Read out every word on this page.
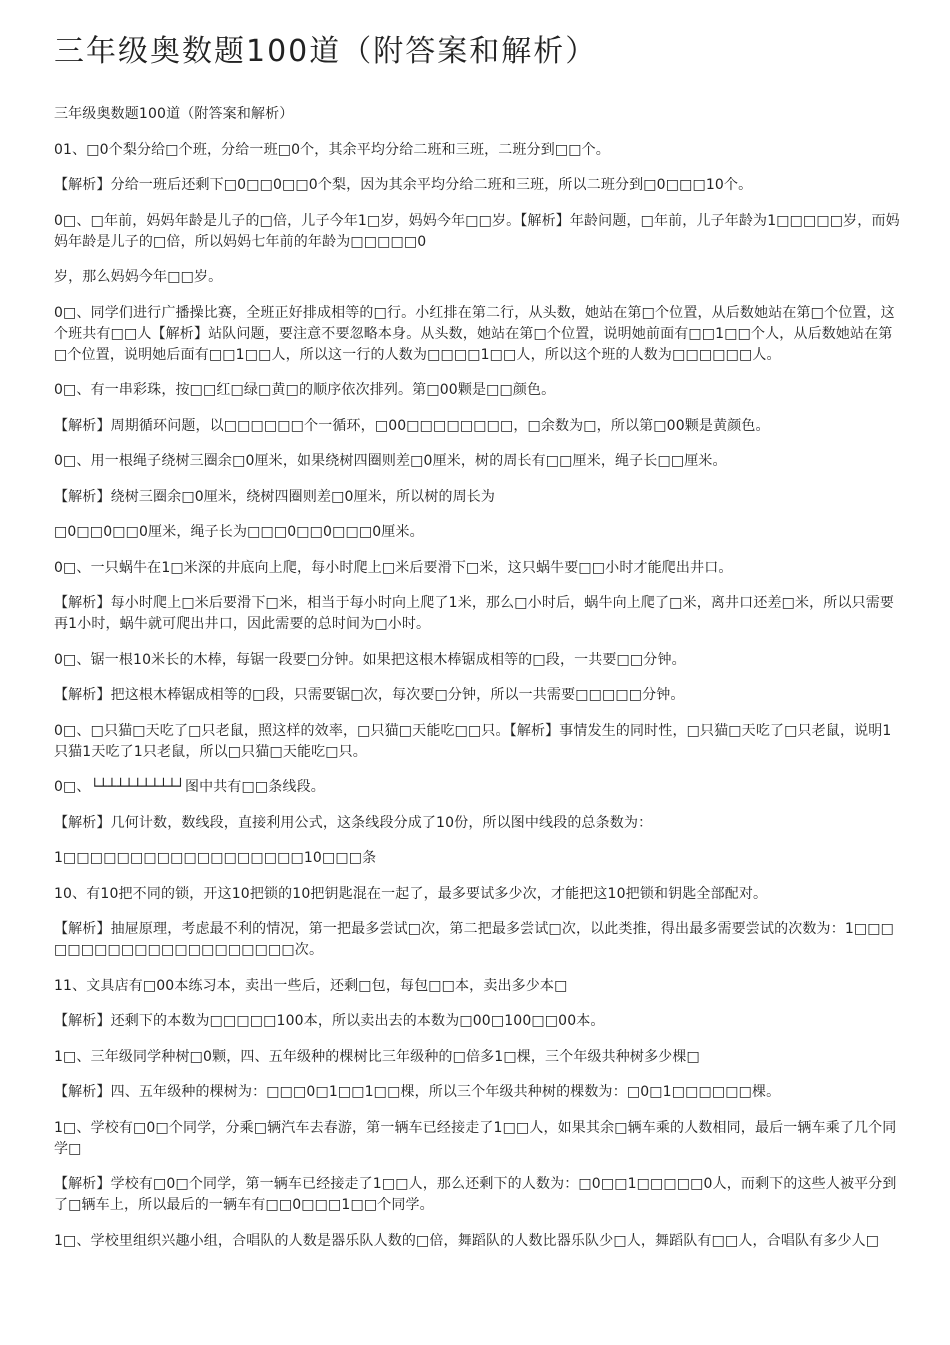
三年级奥数题100道（附答案和解析）
三年级奥数题100道（附答案和解析）
01、□0个梨分给□个班，分给一班□0个，其余平均分给二班和三班，二班分到□□个。
【解析】分给一班后还剩下□0□□0□□0个梨，因为其余平均分给二班和三班，所以二班分到□0□□□10个。
0□、□年前，妈妈年龄是儿子的□倍，儿子今年1□岁，妈妈今年□□岁。【解析】年龄问题，□年前，儿子年龄为1□□□□□岁，而妈妈年龄是儿子的□倍，所以妈妈七年前的年龄为□□□□□0
岁，那么妈妈今年□□岁。
0□、同学们进行广播操比赛，全班正好排成相等的□行。小红排在第二行，从头数，她站在第□个位置，从后数她站在第□个位置，这个班共有□□人【解析】站队问题，要注意不要忽略本身。从头数，她站在第□个位置，说明她前面有□□1□□个人，从后数她站在第□个位置，说明她后面有□□1□□人，所以这一行的人数为□□□□1□□人，所以这个班的人数为□□□□□□人。
0□、有一串彩珠，按□□红□绿□黄□的顺序依次排列。第□00颗是□□颜色。
【解析】周期循环问题，以□□□□□□个一循环，□00□□□□□□□□，□余数为□，所以第□00颗是黄颜色。
0□、用一根绳子绕树三圈余□0厘米，如果绕树四圈则差□0厘米，树的周长有□□厘米，绳子长□□厘米。
【解析】绕树三圈余□0厘米，绕树四圈则差□0厘米，所以树的周长为
□0□□0□□0厘米，绳子长为□□□0□□0□□□0厘米。
0□、一只蜗牛在1□米深的井底向上爬，每小时爬上□米后要滑下□米，这只蜗牛要□□小时才能爬出井口。
【解析】每小时爬上□米后要滑下□米，相当于每小时向上爬了1米，那么□小时后，蜗牛向上爬了□米，离井口还差□米，所以只需要再1小时，蜗牛就可爬出井口，因此需要的总时间为□小时。
0□、锯一根10米长的木棒，每锯一段要□分钟。如果把这根木棒锯成相等的□段，一共要□□分钟。
【解析】把这根木棒锯成相等的□段，只需要锯□次，每次要□分钟，所以一共需要□□□□□分钟。
0□、□只猫□天吃了□只老鼠，照这样的效率，□只猫□天能吃□□只。【解析】事情发生的同时性，□只猫□天吃了□只老鼠，说明1只猫1天吃了1只老鼠，所以□只猫□天能吃□只。
0□、└┴┴┴┴┴┴┴┴┴┘图中共有□□条线段。
【解析】几何计数，数线段，直接利用公式，这条线段分成了10份，所以图中线段的总条数为：
1□□□□□□□□□□□□□□□□□□10□□□条
10、有10把不同的锁，开这10把锁的10把钥匙混在一起了，最多要试多少次，才能把这10把锁和钥匙全部配对。
【解析】抽屉原理，考虑最不利的情况，第一把最多尝试□次，第二把最多尝试□次，以此类推，得出最多需要尝试的次数为：1□□□□□□□□□□□□□□□□□□□□□次。
11、文具店有□00本练习本，卖出一些后，还剩□包，每包□□本，卖出多少本□
【解析】还剩下的本数为□□□□□100本，所以卖出去的本数为□00□100□□00本。
1□、三年级同学种树□0颗，四、五年级种的棵树比三年级种的□倍多1□棵，三个年级共种树多少棵□
【解析】四、五年级种的棵树为：□□□0□1□□1□□棵，所以三个年级共种树的棵数为：□0□1□□□□□□棵。
1□、学校有□0□个同学，分乘□辆汽车去春游，第一辆车已经接走了1□□人，如果其余□辆车乘的人数相同，最后一辆车乘了几个同学□
【解析】学校有□0□个同学，第一辆车已经接走了1□□人，那么还剩下的人数为：□0□□1□□□□□0人，而剩下的这些人被平分到了□辆车上，所以最后的一辆车有□□0□□□1□□个同学。
1□、学校里组织兴趣小组，合唱队的人数是器乐队人数的□倍，舞蹈队的人数比器乐队少□人，舞蹈队有□□人，合唱队有多少人□
